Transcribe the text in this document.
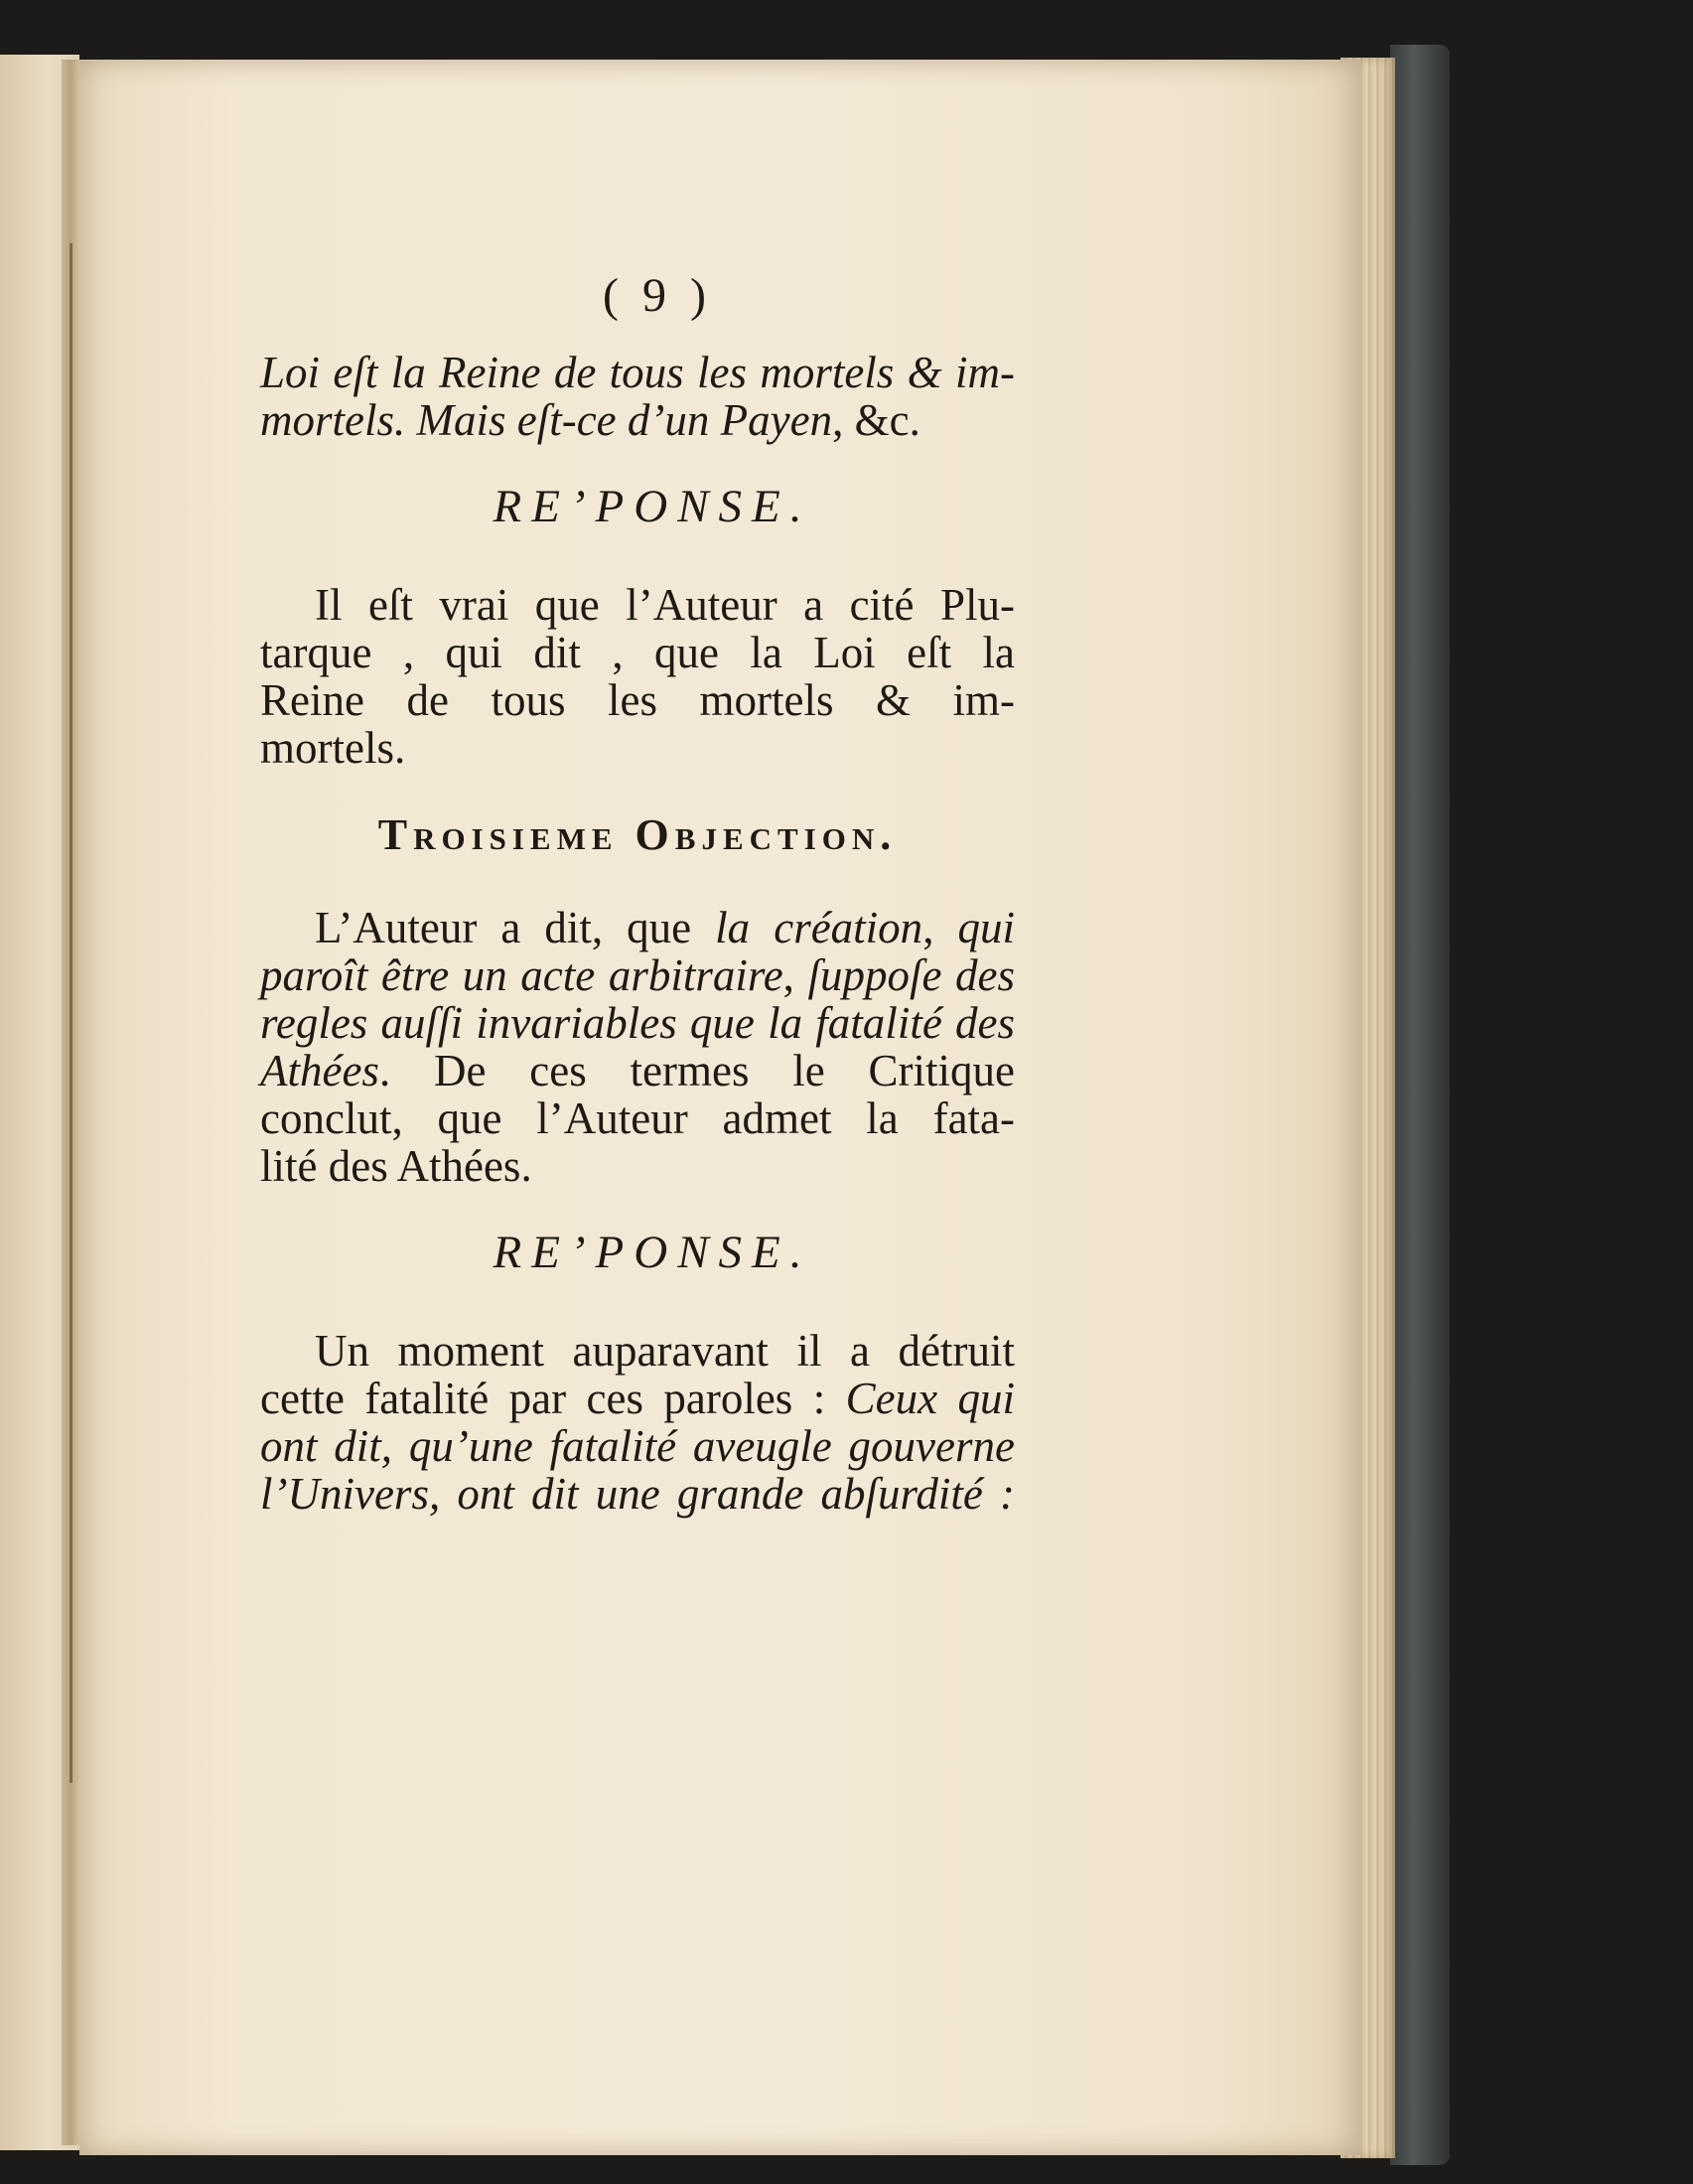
( 9 )
Loi eſt la Reine de tous les mortels & im-
mortels. Mais eſt-ce d’un Payen, &c.
RE’PONSE.
Il eſt vrai que l’Auteur a cité Plu-
tarque , qui dit , que la Loi eſt la
Reine de tous les mortels & im-
mortels.
Troisieme Objection.
L’Auteur a dit, que la création, qui
paroît être un acte arbitraire, ſuppoſe des
regles auſſi invariables que la fatalité des
Athées. De ces termes le Critique
conclut, que l’Auteur admet la fata-
lité des Athées.
RE’PONSE.
Un moment auparavant il a détruit
cette fatalité par ces paroles : Ceux qui
ont dit, qu’une fatalité aveugle gouverne
l’Univers, ont dit une grande abſurdité :
